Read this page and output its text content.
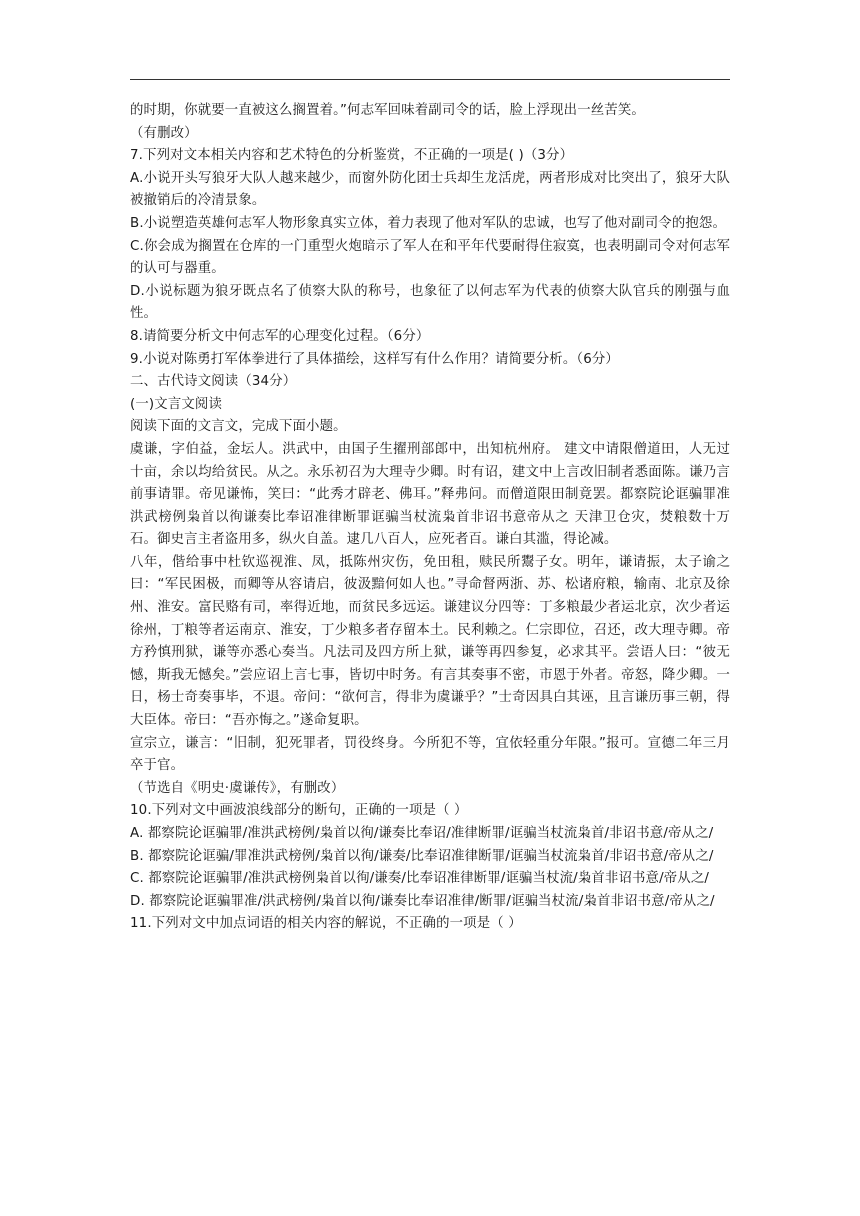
的时期，你就要一直被这么搁置着。”何志军回味着副司令的话，脸上浮现出一丝苦笑。

（有删改）

7.下列对文本相关内容和艺术特色的分析鉴赏，不正确的一项是( )（3分）

A.小说开头写狼牙大队人越来越少，而窗外防化团士兵却生龙活虎，两者形成对比突出了，狼牙大队被撤销后的冷清景象。

B.小说塑造英雄何志军人物形象真实立体，着力表现了他对军队的忠诚，也写了他对副司令的抱怨。

C.你会成为搁置在仓库的一门重型火炮暗示了军人在和平年代要耐得住寂寞，也表明副司令对何志军的认可与器重。

D.小说标题为狼牙既点名了侦察大队的称号，也象征了以何志军为代表的侦察大队官兵的刚强与血性。

8.请简要分析文中何志军的心理变化过程。（6分）

9.小说对陈勇打军体拳进行了具体描绘，这样写有什么作用？请简要分析。（6分）

二、古代诗文阅读（34分）

(一)文言文阅读

阅读下面的文言文，完成下面小题。

虞谦，字伯益，金坛人。洪武中，由国子生擢刑部郎中，出知杭州府。 建文中请限僧道田，人无过十亩，余以均给贫民。从之。永乐初召为大理寺少卿。时有诏，建文中上言改旧制者悉面陈。谦乃言前事请罪。帝见谦怖，笑曰：“此秀才辟老、佛耳。”释弗问。而僧道限田制竟罢。都察院论诓骗罪准洪武榜例枭首以徇谦奏比奉诏准律断罪诓骗当杖流枭首非诏书意帝从之 天津卫仓灾，焚粮数十万石。御史言主者盗用多，纵火自盖。逮几八百人，应死者百。谦白其滥，得论减。

八年，偕给事中杜钦巡视淮、凤，抵陈州灾伤，免田租，赎民所鬻子女。明年，谦请振，太子谕之曰：“军民困极，而卿等从容请启，彼汲黯何如人也。”寻命督两浙、苏、松诸府粮，输南、北京及徐州、淮安。富民赂有司，率得近地，而贫民多远运。谦建议分四等：丁多粮最少者运北京，次少者运徐州，丁粮等者运南京、淮安，丁少粮多者存留本土。民利赖之。仁宗即位，召还，改大理寺卿。帝方矜慎刑狱，谦等亦悉心奏当。凡法司及四方所上狱，谦等再四参复，必求其平。尝语人曰：“彼无憾，斯我无憾矣。”尝应诏上言七事，皆切中时务。有言其奏事不密，市恩于外者。帝怒，降少卿。一日，杨士奇奏事毕，不退。帝问：“欲何言，得非为虞谦乎？”士奇因具白其诬，且言谦历事三朝，得大臣体。帝曰：“吾亦悔之。”遂命复职。

宣宗立，谦言：“旧制，犯死罪者，罚役终身。今所犯不等，宜依轻重分年限。”报可。宣德二年三月卒于官。

（节选自《明史·虞谦传》，有删改）

10.下列对文中画波浪线部分的断句，正确的一项是（ ）

A. 都察院论诓骗罪/准洪武榜例/枭首以徇/谦奏比奉诏/准律断罪/诓骗当杖流枭首/非诏书意/帝从之/

B. 都察院论诓骗/罪准洪武榜例/枭首以徇/谦奏/比奉诏准律断罪/诓骗当杖流枭首/非诏书意/帝从之/

C. 都察院论诓骗罪/准洪武榜例枭首以徇/谦奏/比奉诏准律断罪/诓骗当杖流/枭首非诏书意/帝从之/

D. 都察院论诓骗罪准/洪武榜例/枭首以徇/谦奏比奉诏准律/断罪/诓骗当杖流/枭首非诏书意/帝从之/

11.下列对文中加点词语的相关内容的解说，不正确的一项是（ ）
